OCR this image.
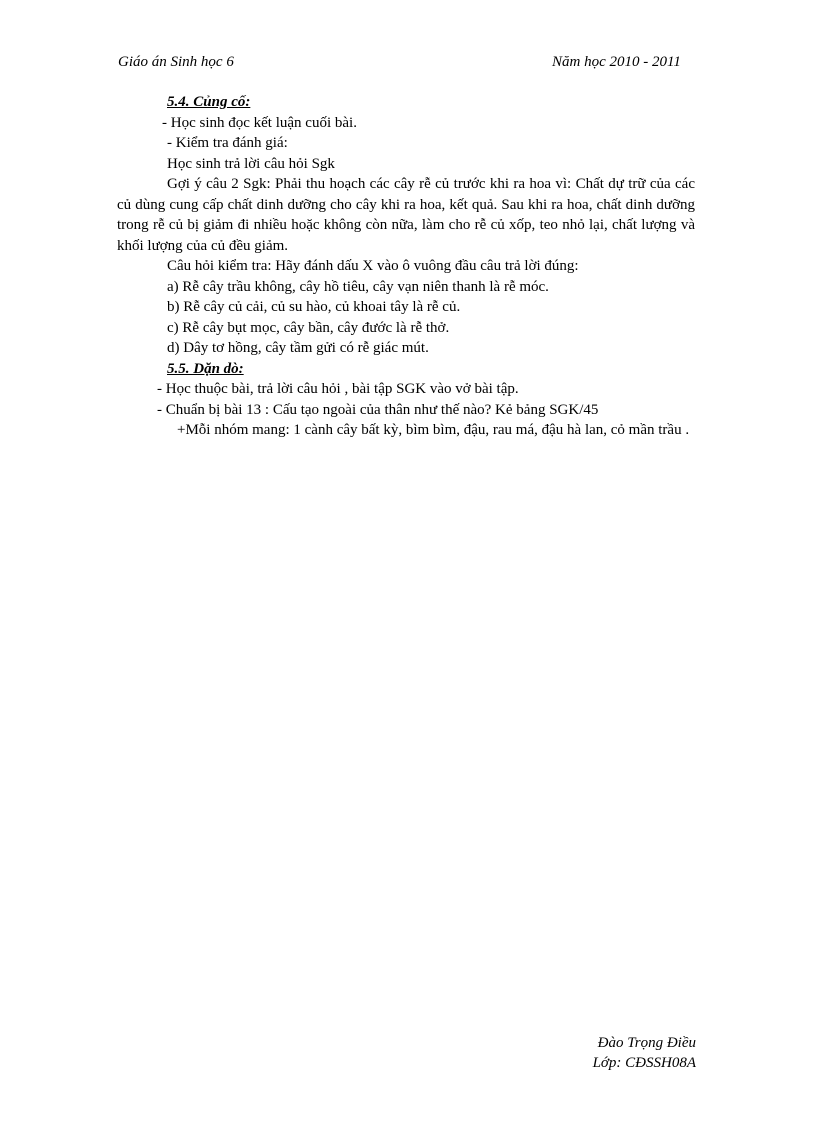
Giáo án Sinh học 6	Năm học 2010 - 2011

5.4. Củng cố:

- Học sinh đọc kết luận cuối bài.

- Kiểm tra đánh giá:

Học sinh trả lời câu hỏi Sgk

Gợi ý câu 2 Sgk: Phải thu hoạch các cây rễ củ trước khi ra hoa vì: Chất dự trữ của các củ dùng cung cấp chất dinh dưỡng cho cây khi ra hoa, kết quả. Sau khi ra hoa, chất dinh dưỡng trong rễ củ bị giảm đi nhiều hoặc không còn nữa, làm cho rễ củ xốp, teo nhỏ lại, chất lượng và khối lượng của củ đều giảm.

Câu hỏi kiểm tra: Hãy đánh dấu X vào ô vuông đầu câu trả lời đúng:

a) Rễ cây trầu không, cây hồ tiêu, cây vạn niên thanh là rễ móc.

b) Rễ cây củ cải, củ su hào, củ khoai tây là rễ củ.

c) Rễ cây bụt mọc, cây bần, cây đước là rễ thở.

d) Dây tơ hồng, cây tầm gửi có rễ giác mút.

5.5. Dặn dò:

- Học thuộc bài, trả lời câu hỏi , bài tập SGK vào vở bài tập.

- Chuẩn bị bài 13 : Cấu tạo ngoài của thân như thế nào? Kẻ bảng SGK/45

+Mỗi nhóm mang: 1 cành cây bất kỳ, bìm bìm, đậu, rau má, đậu hà lan, cỏ mần trầu .

Đào Trọng Điều
Lớp: CĐSSH08A
